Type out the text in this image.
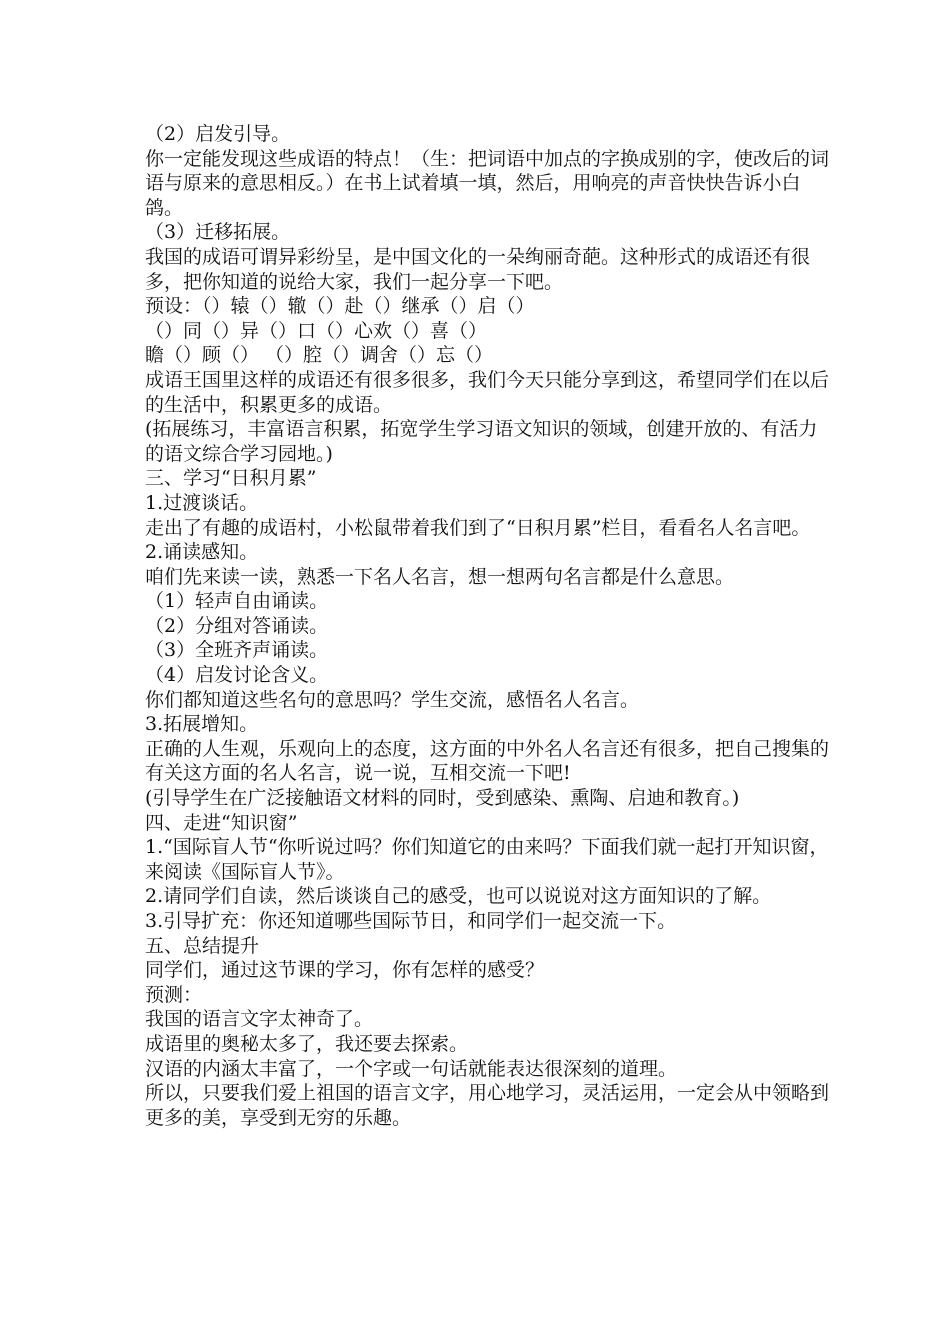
（2）启发引导。

你一定能发现这些成语的特点！（生：把词语中加点的字换成别的字，使改后的词语与原来的意思相反。）在书上试着填一填，然后，用响亮的声音快快告诉小白鸽。

（3）迁移拓展。

我国的成语可谓异彩纷呈，是中国文化的一朵绚丽奇葩。这种形式的成语还有很多，把你知道的说给大家，我们一起分享一下吧。

预设：（）辕（）辙（）赴（）继承（）启（）

（）同（）异（）口（）心欢（）喜（）

瞻（）顾（） （）腔（）调舍（）忘（）

成语王国里这样的成语还有很多很多，我们今天只能分享到这，希望同学们在以后的生活中，积累更多的成语。

(拓展练习，丰富语言积累，拓宽学生学习语文知识的领域，创建开放的、有活力的语文综合学习园地。)

三、学习“日积月累”

1.过渡谈话。

走出了有趣的成语村，小松鼠带着我们到了“日积月累”栏目，看看名人名言吧。

2.诵读感知。

咱们先来读一读，熟悉一下名人名言，想一想两句名言都是什么意思。

（1）轻声自由诵读。

（2）分组对答诵读。

（3）全班齐声诵读。

（4）启发讨论含义。

你们都知道这些名句的意思吗？学生交流，感悟名人名言。

3.拓展增知。

正确的人生观，乐观向上的态度，这方面的中外名人名言还有很多，把自己搜集的有关这方面的名人名言，说一说，互相交流一下吧!

(引导学生在广泛接触语文材料的同时，受到感染、熏陶、启迪和教育。)

四、走进“知识窗”

1.“国际盲人节“你听说过吗？你们知道它的由来吗？下面我们就一起打开知识窗，来阅读《国际盲人节》。

2.请同学们自读，然后谈谈自己的感受，也可以说说对这方面知识的了解。

3.引导扩充：你还知道哪些国际节日，和同学们一起交流一下。

五、总结提升

同学们，通过这节课的学习，你有怎样的感受？

预测：

我国的语言文字太神奇了。

成语里的奥秘太多了，我还要去探索。

汉语的内涵太丰富了，一个字或一句话就能表达很深刻的道理。

所以，只要我们爱上祖国的语言文字，用心地学习，灵活运用，一定会从中领略到更多的美，享受到无穷的乐趣。
